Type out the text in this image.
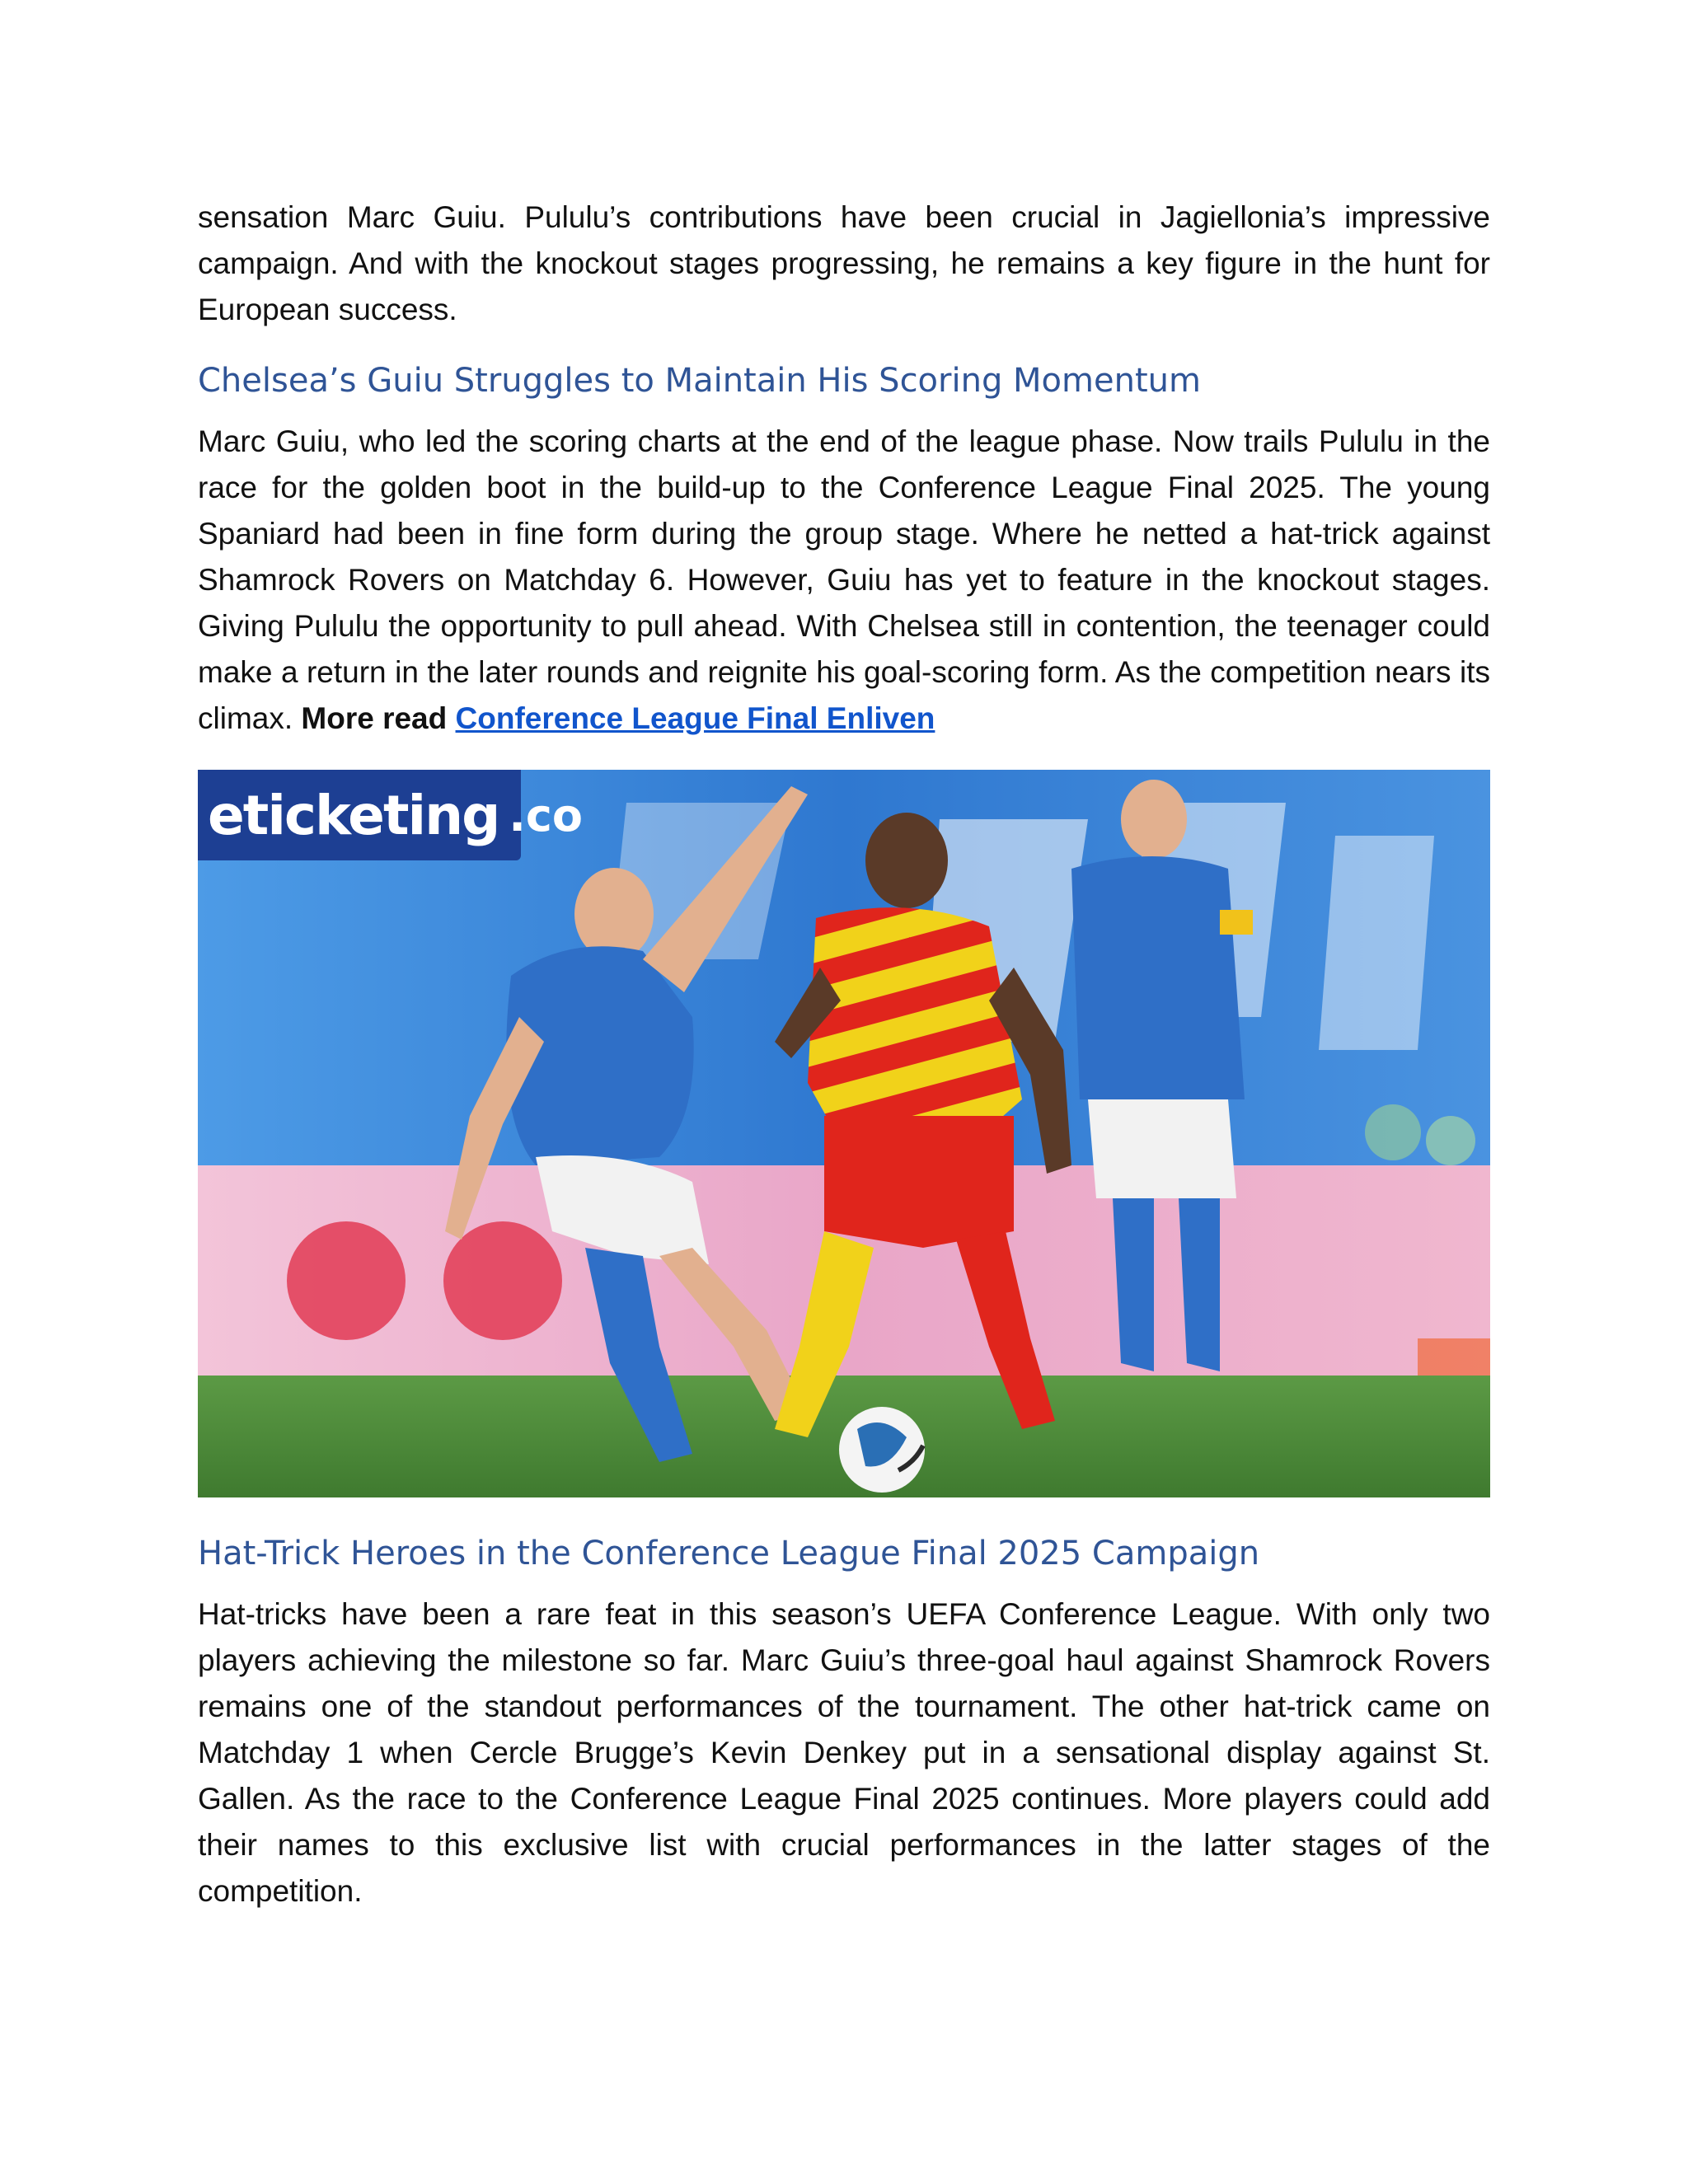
sensation Marc Guiu. Pululu’s contributions have been crucial in Jagiellonia’s impressive campaign. And with the knockout stages progressing, he remains a key figure in the hunt for European success.

Chelsea’s Guiu Struggles to Maintain His Scoring Momentum

Marc Guiu, who led the scoring charts at the end of the league phase. Now trails Pululu in the race for the golden boot in the build-up to the Conference League Final 2025. The young Spaniard had been in fine form during the group stage. Where he netted a hat-trick against Shamrock Rovers on Matchday 6. However, Guiu has yet to feature in the knockout stages. Giving Pululu the opportunity to pull ahead. With Chelsea still in contention, the teenager could make a return in the later rounds and reignite his goal-scoring form. As the competition nears its climax. More read Conference League Final Enliven

eticketing .co
Hat-Trick Heroes in the Conference League Final 2025 Campaign

Hat-tricks have been a rare feat in this season’s UEFA Conference League. With only two players achieving the milestone so far. Marc Guiu’s three-goal haul against Shamrock Rovers remains one of the standout performances of the tournament. The other hat-trick came on Matchday 1 when Cercle Brugge’s Kevin Denkey put in a sensational display against St. Gallen. As the race to the Conference League Final 2025 continues. More players could add their names to this exclusive list with crucial performances in the latter stages of the competition.
